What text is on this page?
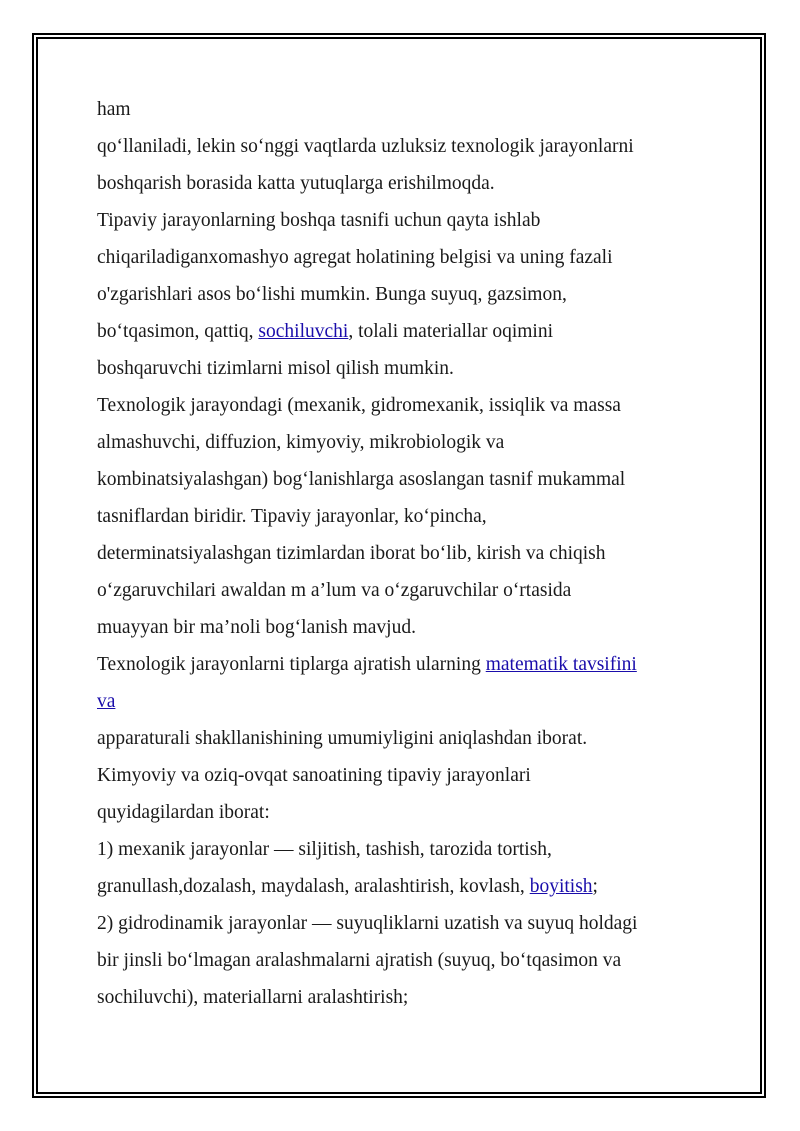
ham
qo‘llaniladi, lekin so‘nggi vaqtlarda uzluksiz texnologik jarayonlarni
boshqarish borasida katta yutuqlarga erishilmoqda.
Tipaviy jarayonlarning boshqa tasnifi uchun qayta ishlab
chiqariladiganxomashyo agregat holatining belgisi va uning fazali
o'zgarishlari asos bo‘lishi mumkin. Bunga suyuq, gazsimon,
bo‘tqasimon, qattiq, sochiluvchi, tolali materiallar oqimini
boshqaruvchi tizimlarni misol qilish mumkin.
Texnologik jarayondagi (mexanik, gidromexanik, issiqlik va massa
almashuvchi, diffuzion, kimyoviy, mikrobiologik va
kombinatsiyalashgan) bog‘lanishlarga asoslangan tasnif mukammal
tasniflardan biridir. Tipaviy jarayonlar, ko‘pincha,
determinatsiyalashgan tizimlardan iborat bo‘lib, kirish va chiqish
o‘zgaruvchilari awaldan m a’lum va o‘zgaruvchilar o‘rtasida
muayyan bir ma’noli bog‘lanish mavjud.
Texnologik jarayonlarni tiplarga ajratish ularning matematik tavsifini
va
apparaturali shakllanishining umumiyligini aniqlashdan iborat.
Kimyoviy va oziq-ovqat sanoatining tipaviy jarayonlari
quyidagilardan iborat:
1) mexanik jarayonlar — siljitish, tashish, tarozida tortish,
granullash,dozalash, maydalash, aralashtirish, kovlash, boyitish;
2) gidrodinamik jarayonlar — suyuqliklarni uzatish va suyuq holdagi
bir jinsli bo‘lmagan aralashmalarni ajratish (suyuq, bo‘tqasimon va
sochiluvchi), materiallarni aralashtirish;
